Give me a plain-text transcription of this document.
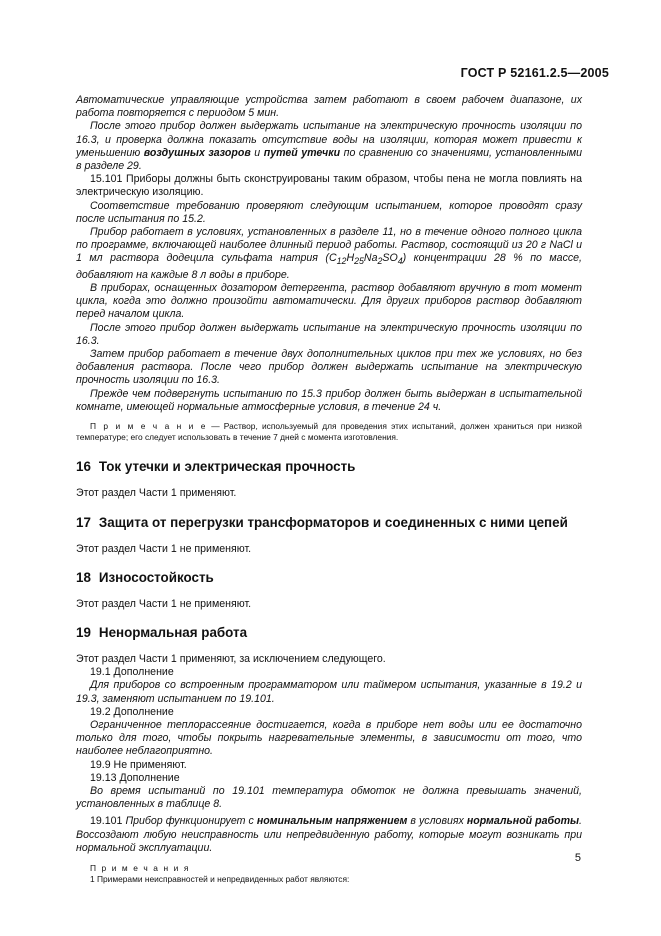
ГОСТ Р 52161.2.5—2005

Автоматические управляющие устройства затем работают в своем рабочем диапазоне, их работа повторяется с периодом 5 мин.

После этого прибор должен выдержать испытание на электрическую прочность изоляции по 16.3, и проверка должна показать отсутствие воды на изоляции, которая может привести к уменьшению воздушных зазоров и путей утечки по сравнению со значениями, установленными в разделе 29.

15.101 Приборы должны быть сконструированы таким образом, чтобы пена не могла повлиять на электрическую изоляцию.

Соответствие требованию проверяют следующим испытанием, которое проводят сразу после испытания по 15.2.

Прибор работает в условиях, установленных в разделе 11, но в течение одного полного цикла по программе, включающей наиболее длинный период работы. Раствор, состоящий из 20 г NaCl и 1 мл раствора додецила сульфата натрия $(C_{12}H_{25}Na_2SO_4)$ концентрации 28 % по массе, добавляют на каждые 8 л воды в приборе.

В приборах, оснащенных дозатором детергента, раствор добавляют вручную в тот момент цикла, когда это должно произойти автоматически. Для других приборов раствор добавляют перед началом цикла.

После этого прибор должен выдержать испытание на электрическую прочность изоляции по 16.3.

Затем прибор работает в течение двух дополнительных циклов при тех же условиях, но без добавления раствора. После чего прибор должен выдержать испытание на электрическую прочность изоляции по 16.3.

Прежде чем подвергнуть испытанию по 15.3 прибор должен быть выдержан в испытательной комнате, имеющей нормальные атмосферные условия, в течение 24 ч.

П р и м е ч а н и е — Раствор, используемый для проведения этих испытаний, должен храниться при низкой температуре; его следует использовать в течение 7 дней с момента изготовления.

16 Ток утечки и электрическая прочность

Этот раздел Части 1 применяют.

17 Защита от перегрузки трансформаторов и соединенных с ними цепей

Этот раздел Части 1 не применяют.

18 Износостойкость

Этот раздел Части 1 не применяют.

19 Ненормальная работа

Этот раздел Части 1 применяют, за исключением следующего.

19.1 Дополнение

Для приборов со встроенным программатором или таймером испытания, указанные в 19.2 и 19.3, заменяют испытанием по 19.101.

19.2 Дополнение

Ограниченное теплорассеяние достигается, когда в приборе нет воды или ее достаточно только для того, чтобы покрыть нагревательные элементы, в зависимости от того, что наиболее неблагоприятно.

19.9 Не применяют.

19.13 Дополнение

Во время испытаний по 19.101 температура обмоток не должна превышать значений, установленных в таблице 8.

19.101 Прибор функционирует с номинальным напряжением в условиях нормальной работы. Воссоздают любую неисправность или непредвиденную работу, которые могут возникать при нормальной эксплуатации.

П р и м е ч а н и я

1 Примерами неисправностей и непредвиденных работ являются:

5
